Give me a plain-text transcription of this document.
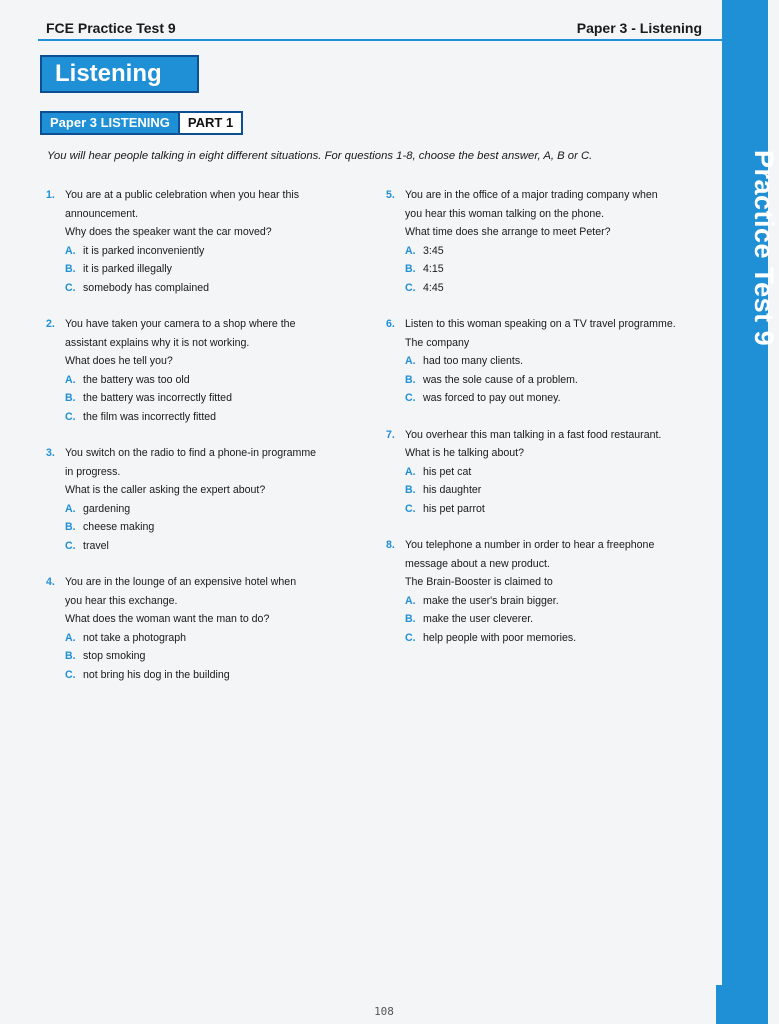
Practice Test 9
FCE Practice Test 9	Paper 3 - Listening
Listening
Paper 3 LISTENING	PART 1
You will hear people talking in eight different situations. For questions 1-8, choose the best answer, A, B or C.
1. You are at a public celebration when you hear this
announcement.
Why does the speaker want the car moved?
A. it is parked inconveniently
B. it is parked illegally
C. somebody has complained
2. You have taken your camera to a shop where the
assistant explains why it is not working.
What does he tell you?
A. the battery was too old
B. the battery was incorrectly fitted
C. the film was incorrectly fitted
3. You switch on the radio to find a phone-in programme
in progress.
What is the caller asking the expert about?
A. gardening
B. cheese making
C. travel
4. You are in the lounge of an expensive hotel when
you hear this exchange.
What does the woman want the man to do?
A. not take a photograph
B. stop smoking
C. not bring his dog in the building
5. You are in the office of a major trading company when
you hear this woman talking on the phone.
What time does she arrange to meet Peter?
A. 3:45
B. 4:15
C. 4:45
6. Listen to this woman speaking on a TV travel programme.
The company
A. had too many clients.
B. was the sole cause of a problem.
C. was forced to pay out money.
7. You overhear this man talking in a fast food restaurant.
What is he talking about?
A. his pet cat
B. his daughter
C. his pet parrot
8. You telephone a number in order to hear a freephone
message about a new product.
The Brain-Booster is claimed to
A. make the user's brain bigger.
B. make the user cleverer.
C. help people with poor memories.
108
